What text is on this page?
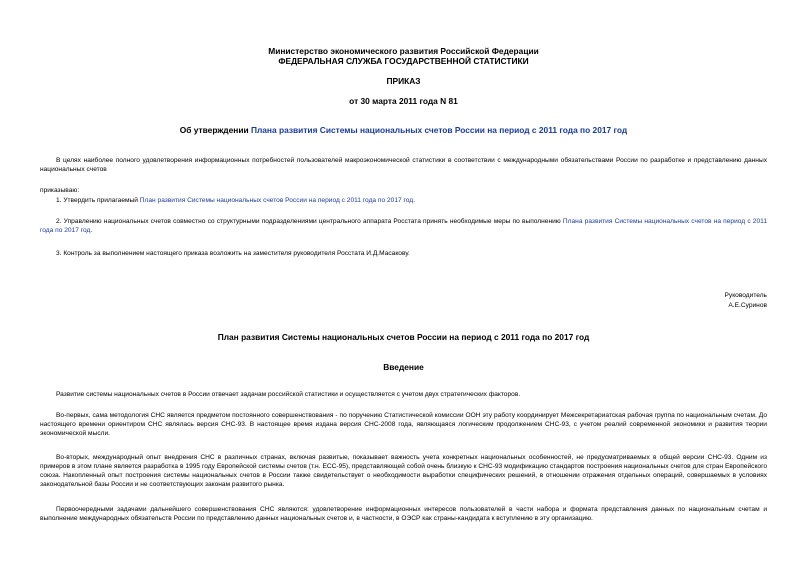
Министерство экономического развития Российской Федерации
ФЕДЕРАЛЬНАЯ СЛУЖБА ГОСУДАРСТВЕННОЙ СТАТИСТИКИ
ПРИКАЗ
от 30 марта 2011 года N 81
Об утверждении Плана развития Системы национальных счетов России на период с 2011 года по 2017 год
В целях наиболее полного удовлетворения информационных потребностей пользователей макроэкономической статистики в соответствии с международными обязательствами России по разработке и представлению данных национальных счетов
приказываю:
1. Утвердить прилагаемый План развития Системы национальных счетов России на период с 2011 года по 2017 год.
2. Управлению национальных счетов совместно со структурными подразделениями центрального аппарата Росстата принять необходимые меры по выполнению Плана развития Системы национальных счетов на период с 2011 года по 2017 год.
3. Контроль за выполнением настоящего приказа возложить на заместителя руководителя Росстата И.Д.Масакову.
Руководитель
А.Е.Суринов
План развития Системы национальных счетов России на период с 2011 года по 2017 год
Введение
Развитие системы национальных счетов в России отвечает задачам российской статистики и осуществляется с учетом двух стратегических факторов.
Во-первых, сама методология СНС является предметом постоянного совершенствования - по поручению Статистической комиссии ООН эту работу координирует Межсекретариатская рабочая группа по национальным счетам. До настоящего времени ориентиром СНС являлась версия СНС-93. В настоящее время издана версия СНС-2008 года, являющаяся логическим продолжением СНС-93, с учетом реалий современной экономики и развития теории экономической мысли.
Во-вторых, международный опыт внедрения СНС в различных странах, включая развитые, показывает важность учета конкретных национальных особенностей, не предусматриваемых в общей версии СНС-93. Одним из примеров в этом плане является разработка в 1995 году Европейской системы счетов (т.н. ЕСС-95), представляющей собой очень близкую к СНС-93 модификацию стандартов построения национальных счетов для стран Европейского союза. Накопленный опыт построения системы национальных счетов в России также свидетельствует о необходимости выработки специфических решений, в отношении отражения отдельных операций, совершаемых в условиях законодательной базы России и не соответствующих законам развитого рынка.
Первоочередными задачами дальнейшего совершенствования СНС являются: удовлетворение информационных интересов пользователей в части набора и формата представления данных по национальным счетам и выполнение международных обязательств России по представлению данных национальных счетов и, в частности, в ОЭСР как страны-кандидата к вступлению в эту организацию.
